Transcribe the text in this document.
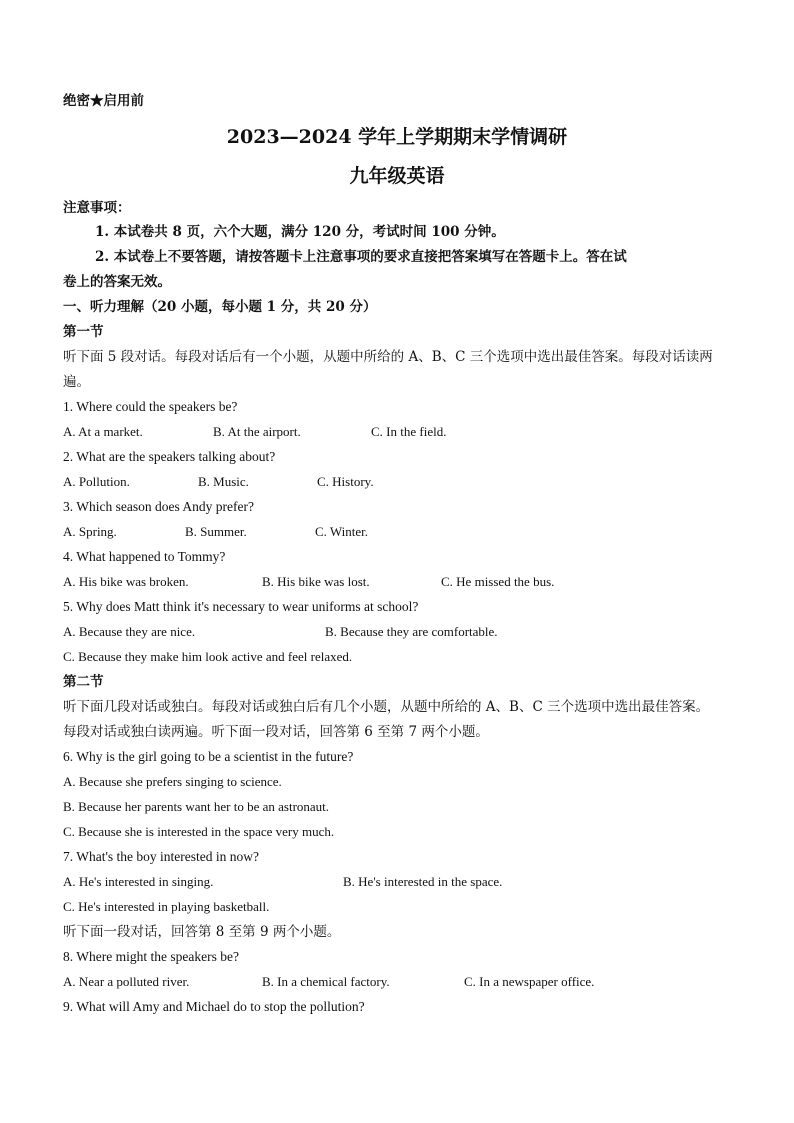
绝密★启用前
2023—2024 学年上学期期末学情调研
九年级英语
注意事项：
1. 本试卷共 8 页，六个大题，满分 120 分，考试时间 100 分钟。
2. 本试卷上不要答题，请按答题卡上注意事项的要求直接把答案填写在答题卡上。答在试
卷上的答案无效。
一、听力理解（20 小题，每小题 1 分，共 20 分）
第一节
听下面 5 段对话。每段对话后有一个小题，从题中所给的 A、B、C 三个选项中选出最佳答案。每段对话读两
遍。
1. Where could the speakers be?
A. At a market.	B. At the airport.	C. In the field.
2. What are the speakers talking about?
A. Pollution.	B. Music.	C. History.
3. Which season does Andy prefer?
A. Spring.	B. Summer.	C. Winter.
4. What happened to Tommy?
A. His bike was broken.	B. His bike was lost.	C. He missed the bus.
5. Why does Matt think it's necessary to wear uniforms at school?
A. Because they are nice.	B. Because they are comfortable.
C. Because they make him look active and feel relaxed.
第二节
听下面几段对话或独白。每段对话或独白后有几个小题，从题中所给的 A、B、C 三个选项中选出最佳答案。
每段对话或独白读两遍。听下面一段对话，回答第 6 至第 7 两个小题。
6. Why is the girl going to be a scientist in the future?
A. Because she prefers singing to science.
B. Because her parents want her to be an astronaut.
C. Because she is interested in the space very much.
7. What's the boy interested in now?
A. He's interested in singing.	B. He's interested in the space.
C. He's interested in playing basketball.
听下面一段对话，回答第 8 至第 9 两个小题。
8. Where might the speakers be?
A. Near a polluted river.	B. In a chemical factory.	C. In a newspaper office.
9. What will Amy and Michael do to stop the pollution?
